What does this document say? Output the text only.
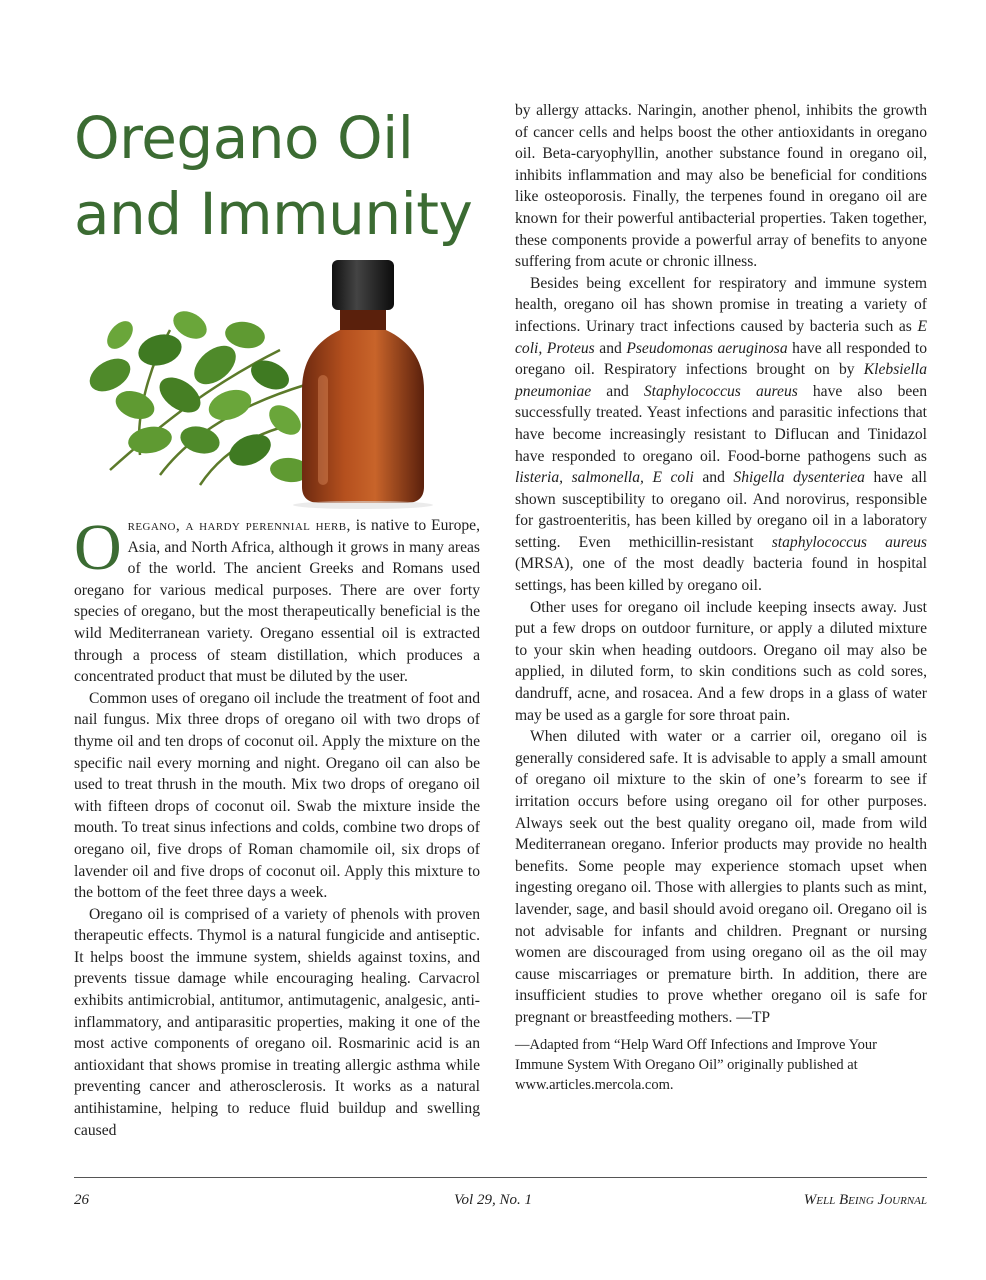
Oregano Oil
and Immunity

Oregano, a hardy perennial herb, is native to Europe, Asia, and North Africa, although it grows in many areas of the world. The ancient Greeks and Romans used oregano for various medical purposes. There are over forty species of oregano, but the most therapeutically beneficial is the wild Mediterranean variety. Oregano essential oil is extracted through a process of steam distillation, which produces a concentrated product that must be diluted by the user.

Common uses of oregano oil include the treatment of foot and nail fungus. Mix three drops of oregano oil with two drops of thyme oil and ten drops of coconut oil. Apply the mixture on the specific nail every morning and night. Oregano oil can also be used to treat thrush in the mouth. Mix two drops of oregano oil with fifteen drops of coconut oil. Swab the mixture inside the mouth. To treat sinus infections and colds, combine two drops of oregano oil, five drops of Roman chamomile oil, six drops of lavender oil and five drops of coconut oil. Apply this mixture to the bottom of the feet three days a week.

Oregano oil is comprised of a variety of phenols with proven therapeutic effects. Thymol is a natural fungicide and antiseptic. It helps boost the immune system, shields against toxins, and prevents tissue damage while encouraging healing. Carvacrol exhibits antimicrobial, antitumor, antimutagenic, analgesic, anti-inflammatory, and antiparasitic properties, making it one of the most active components of oregano oil. Rosmarinic acid is an antioxidant that shows promise in treating allergic asthma while preventing cancer and atherosclerosis. It works as a natural antihistamine, helping to reduce fluid buildup and swelling caused

by allergy attacks. Naringin, another phenol, inhibits the growth of cancer cells and helps boost the other antioxidants in oregano oil. Beta-caryophyllin, another substance found in oregano oil, inhibits inflammation and may also be beneficial for conditions like osteoporosis. Finally, the terpenes found in oregano oil are known for their powerful antibacterial properties. Taken together, these components provide a powerful array of benefits to anyone suffering from acute or chronic illness.

Besides being excellent for respiratory and immune system health, oregano oil has shown promise in treating a variety of infections. Urinary tract infections caused by bacteria such as E coli, Proteus and Pseudomonas aeruginosa have all responded to oregano oil. Respiratory infections brought on by Klebsiella pneumoniae and Staphylococcus aureus have also been successfully treated. Yeast infections and parasitic infections that have become increasingly resistant to Diflucan and Tinidazol have responded to oregano oil. Food-borne pathogens such as listeria, salmonella, E coli and Shigella dysenteriea have all shown susceptibility to oregano oil. And norovirus, responsible for gastroenteritis, has been killed by oregano oil in a laboratory setting. Even methicillin-resistant staphylococcus aureus (MRSA), one of the most deadly bacteria found in hospital settings, has been killed by oregano oil.

Other uses for oregano oil include keeping insects away. Just put a few drops on outdoor furniture, or apply a diluted mixture to your skin when heading outdoors. Oregano oil may also be applied, in diluted form, to skin conditions such as cold sores, dandruff, acne, and rosacea. And a few drops in a glass of water may be used as a gargle for sore throat pain.

When diluted with water or a carrier oil, oregano oil is generally considered safe. It is advisable to apply a small amount of oregano oil mixture to the skin of one’s forearm to see if irritation occurs before using oregano oil for other purposes. Always seek out the best quality oregano oil, made from wild Mediterranean oregano. Inferior products may provide no health benefits. Some people may experience stomach upset when ingesting oregano oil. Those with allergies to plants such as mint, lavender, sage, and basil should avoid oregano oil. Oregano oil is not advisable for infants and children. Pregnant or nursing women are discouraged from using oregano oil as the oil may cause miscarriages or premature birth. In addition, there are insufficient studies to prove whether oregano oil is safe for pregnant or breastfeeding mothers. —TP

—Adapted from “Help Ward Off Infections and Improve Your Immune System With Oregano Oil” originally published at www.articles.mercola.com.

26	Vol 29, No. 1	Well Being Journal
